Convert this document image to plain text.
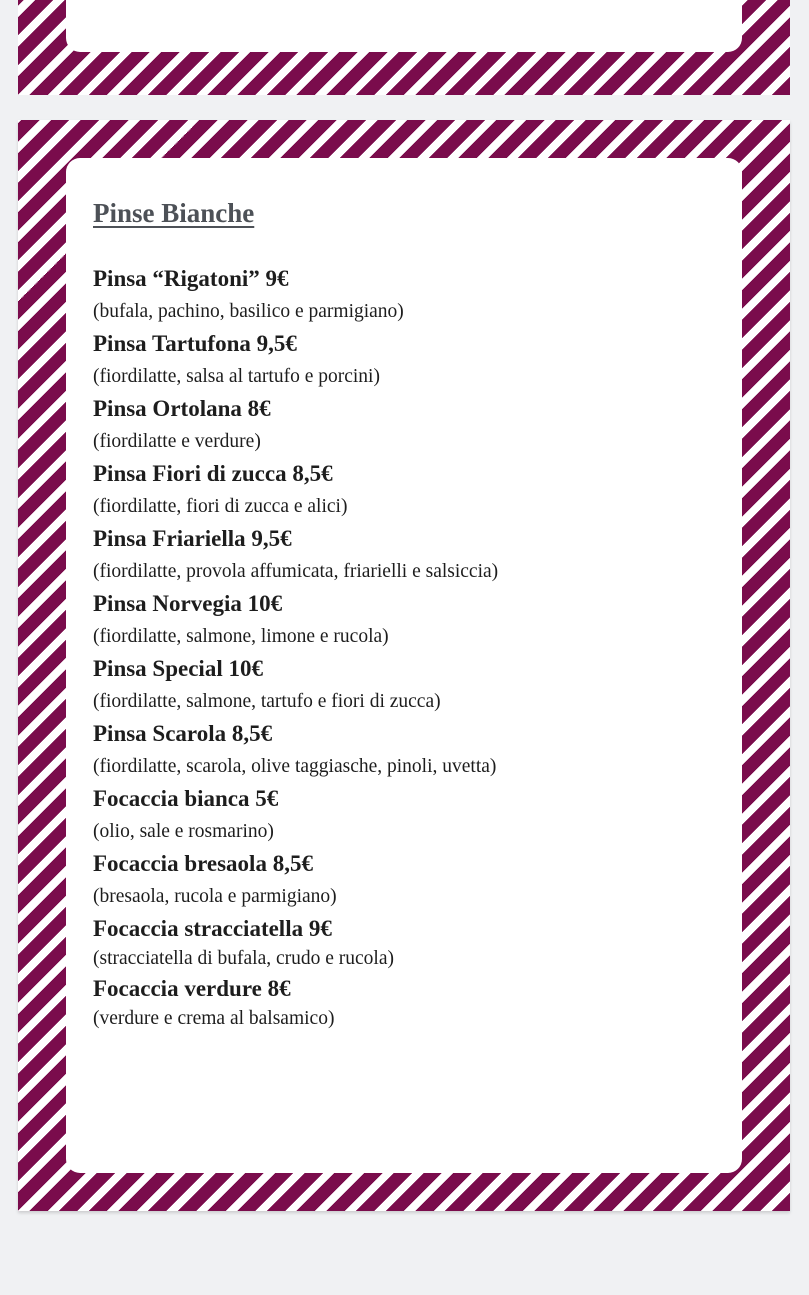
Pinse Bianche
Pinsa “Rigatoni” 9€
(bufala, pachino, basilico e parmigiano)
Pinsa Tartufona 9,5€
(fiordilatte, salsa al tartufo e porcini)
Pinsa Ortolana 8€
(fiordilatte e verdure)
Pinsa Fiori di zucca 8,5€
(fiordilatte, fiori di zucca e alici)
Pinsa Friariella 9,5€
(fiordilatte, provola affumicata, friarielli e salsiccia)
Pinsa Norvegia 10€
(fiordilatte, salmone, limone e rucola)
Pinsa Special 10€
(fiordilatte, salmone, tartufo e fiori di zucca)
Pinsa Scarola 8,5€
(fiordilatte, scarola, olive taggiasche, pinoli, uvetta)
Focaccia bianca 5€
(olio, sale e rosmarino)
Focaccia bresaola 8,5€
(bresaola, rucola e parmigiano)
Focaccia stracciatella 9€
(stracciatella di bufala, crudo e rucola)
Focaccia verdure 8€
(verdure e crema al balsamico)
